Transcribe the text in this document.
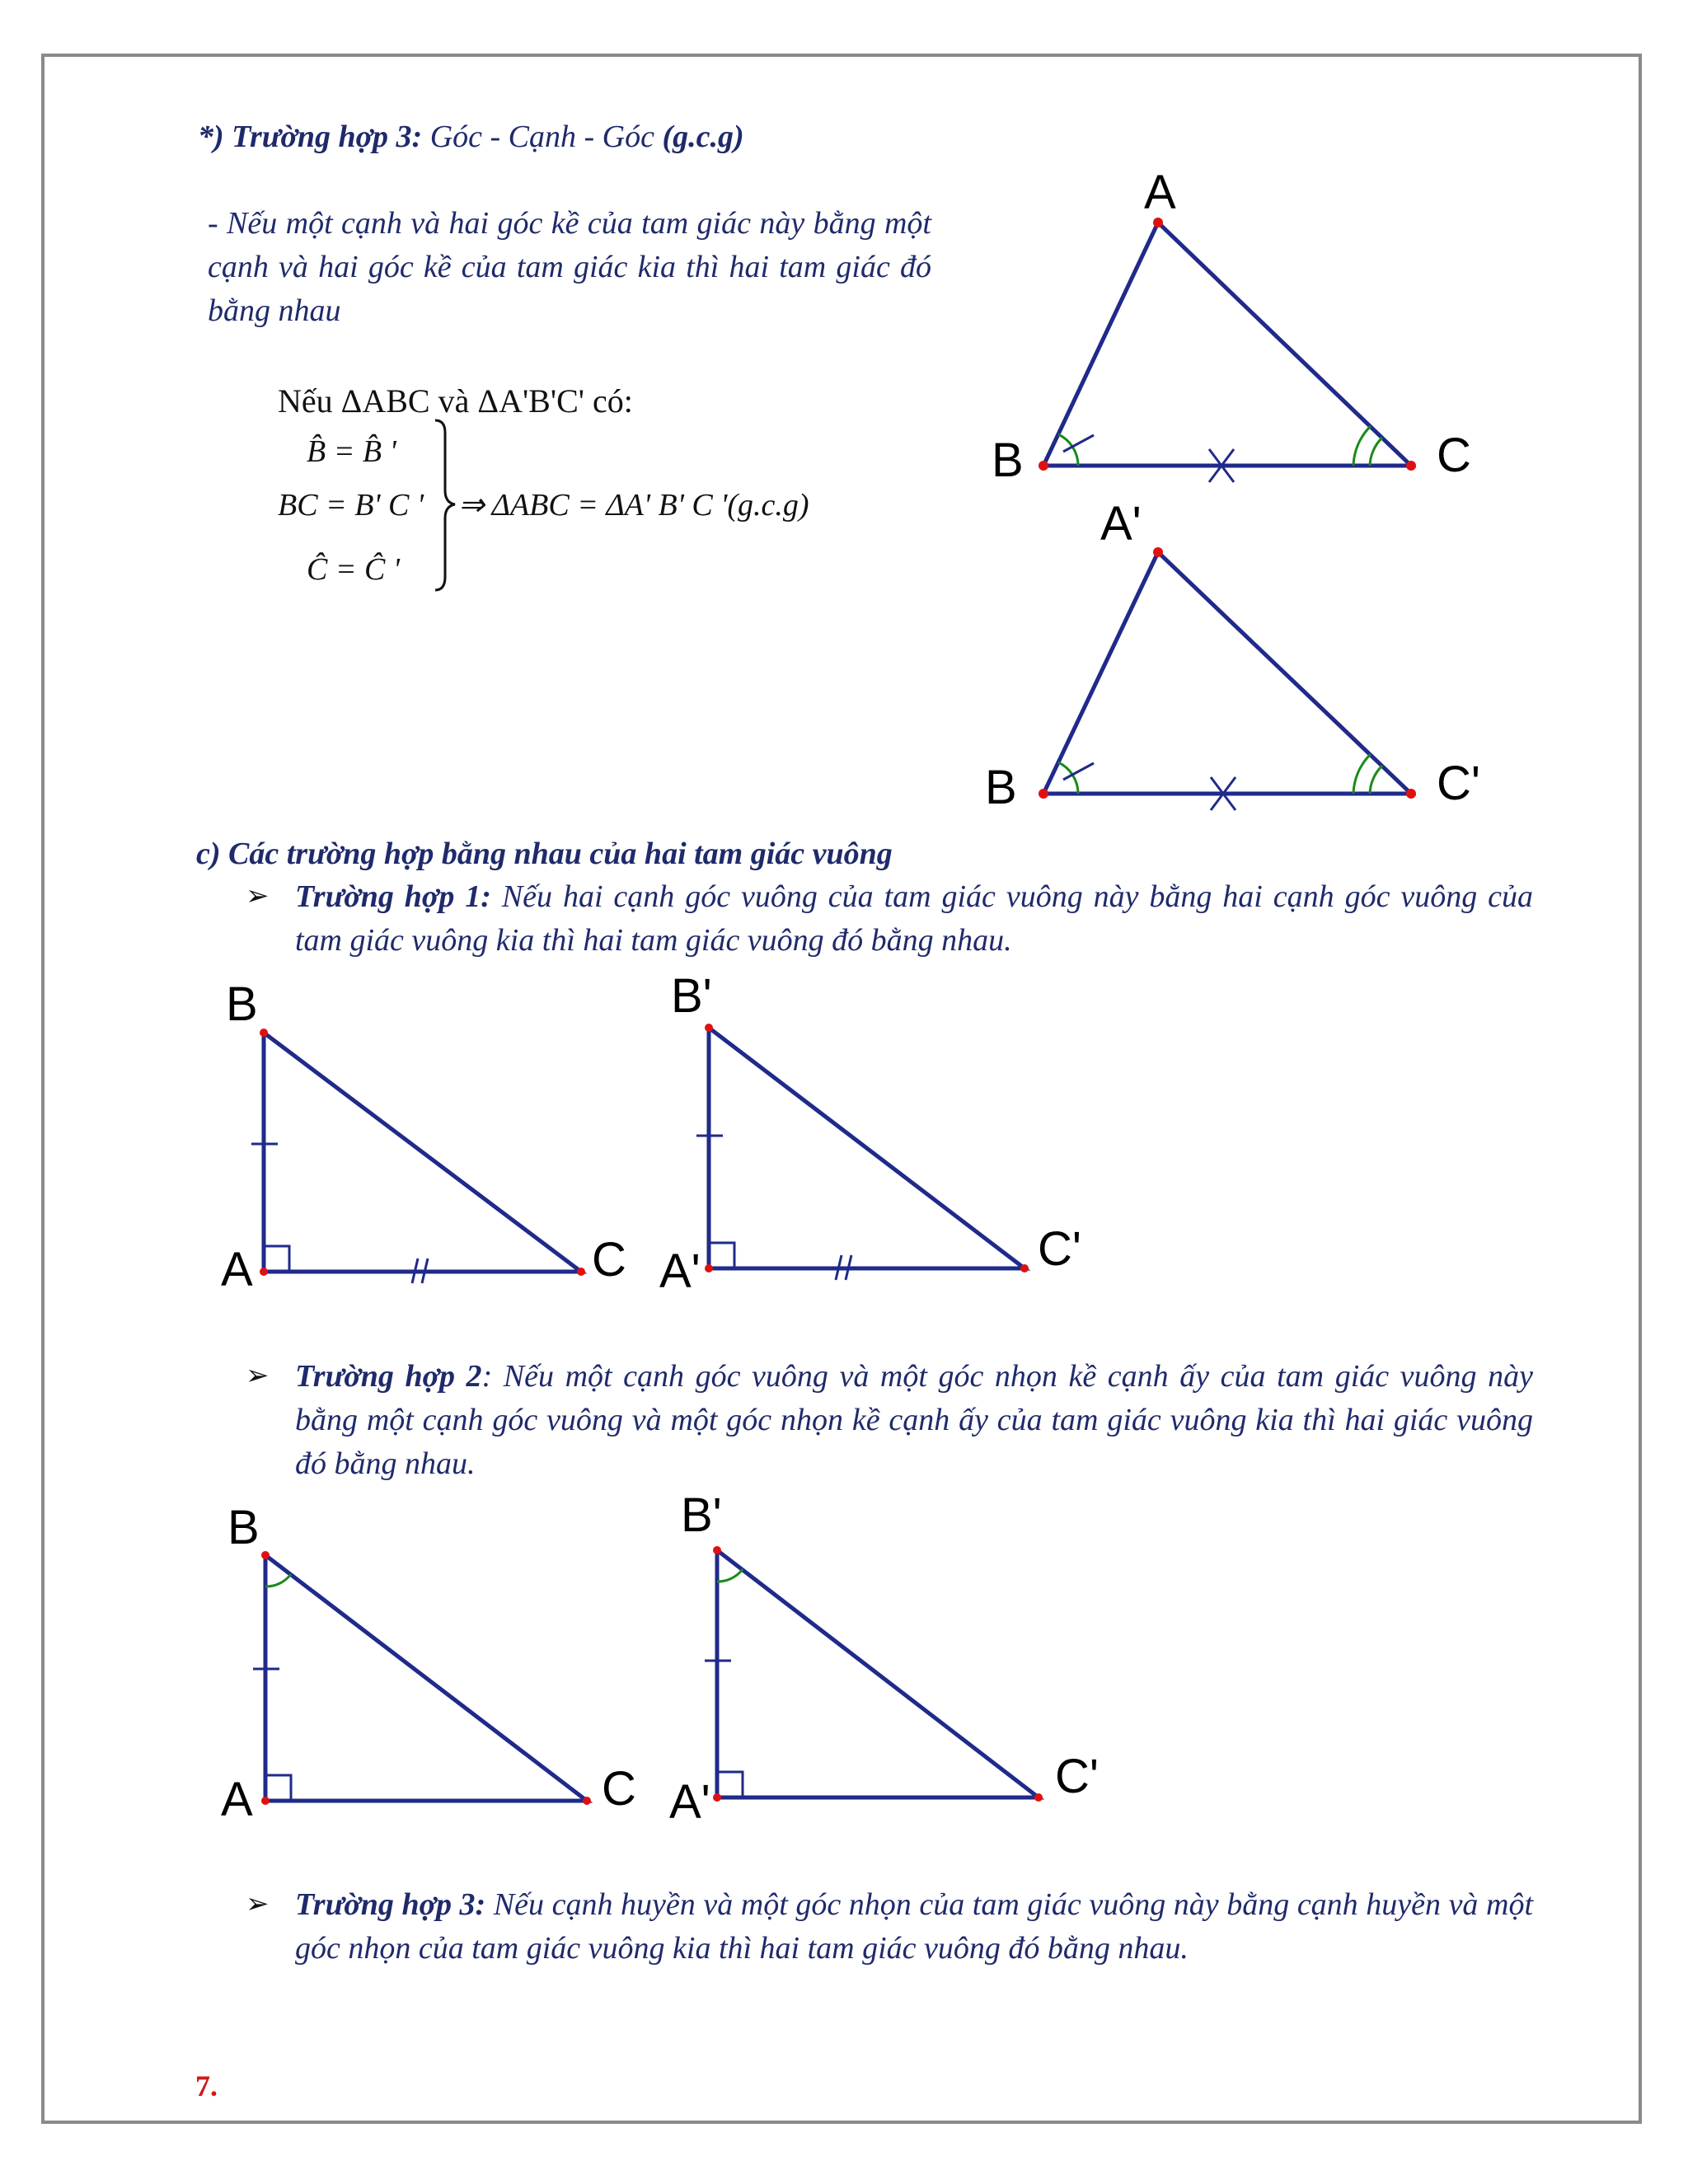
*) Trường hợp 3: Góc - Cạnh - Góc (g.c.g)
- Nếu một cạnh và hai góc kề của tam giác này bằng một cạnh và hai góc kề của tam giác kia thì hai tam giác đó bằng nhau
Nếu ΔABC và ΔA'B'C' có:
B̂ = B̂ '
BC = B' C '
Ĉ = Ĉ '
⇒ ΔABC = ΔA' B' C '(g.c.g)
A
B	C
A'
B	C'
c) Các trường hợp bằng nhau của hai tam giác vuông
➢ Trường hợp 1: Nếu hai cạnh góc vuông của tam giác vuông này bằng hai cạnh góc vuông của tam giác vuông kia thì hai tam giác vuông đó bằng nhau.
B
A	C
B'
A'	C'
➢ Trường hợp 2: Nếu một cạnh góc vuông và một góc nhọn kề cạnh ấy của tam giác vuông này bằng một cạnh góc vuông và một góc nhọn kề cạnh ấy của tam giác vuông kia thì hai giác vuông đó bằng nhau.
B
A	C
B'
A'	C'
➢ Trường hợp 3: Nếu cạnh huyền và một góc nhọn của tam giác vuông này bằng cạnh huyền và một góc nhọn của tam giác vuông kia thì hai tam giác vuông đó bằng nhau.
7.
